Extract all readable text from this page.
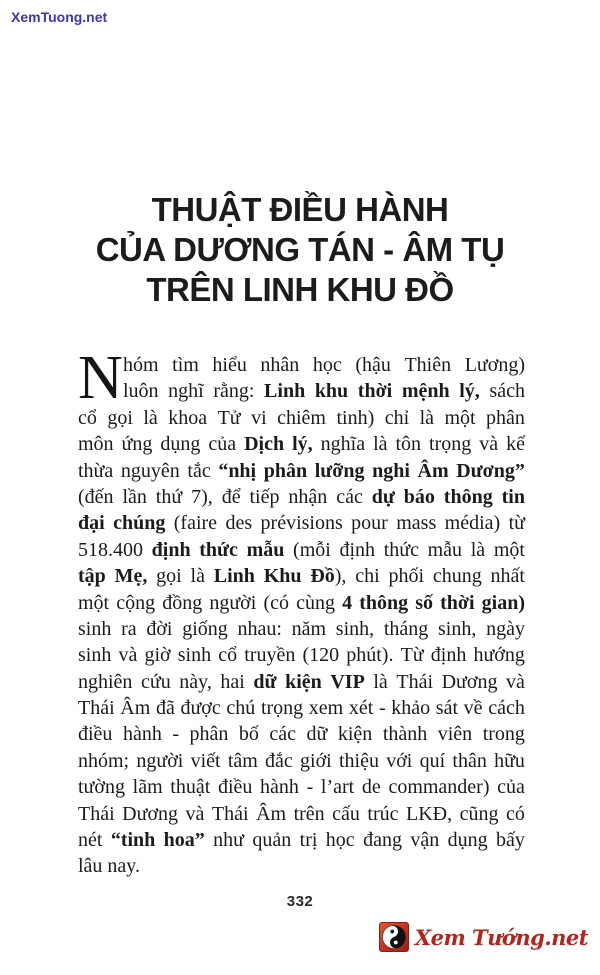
XemTuong.net
THUẬT ĐIỀU HÀNH
CỦA DƯƠNG TÁN - ÂM TỤ
TRÊN LINH KHU ĐỒ
N hóm tìm hiểu nhân học (hậu Thiên Lương)
luôn nghĩ rằng: Linh khu thời mệnh lý, sách
cổ gọi là khoa Tử vi chiêm tinh) chỉ là một phân
môn ứng dụng của Dịch lý, nghĩa là tôn trọng và kế
thừa nguyên tắc “nhị phân lưỡng nghi Âm Dương”
(đến lần thứ 7), để tiếp nhận các dự báo thông tin
đại chúng (faire des prévisions pour mass média) từ
518.400 định thức mẫu (mỗi định thức mẫu là một
tập Mẹ, gọi là Linh Khu Đồ), chi phối chung nhất
một cộng đồng người (có cùng 4 thông số thời gian)
sinh ra đời giống nhau: năm sinh, tháng sinh, ngày
sinh và giờ sinh cổ truyền (120 phút). Từ định hướng
nghiên cứu này, hai dữ kiện VIP là Thái Dương và
Thái Âm đã được chú trọng xem xét - khảo sát về cách
điều hành - phân bố các dữ kiện thành viên trong
nhóm; người viết tâm đắc giới thiệu với quí thân hữu
tường lãm thuật điều hành - l’art de commander) của
Thái Dương và Thái Âm trên cấu trúc LKĐ, cũng có
nét “tinh hoa” như quản trị học đang vận dụng bấy
lâu nay.
332
Xem Tướng.net
